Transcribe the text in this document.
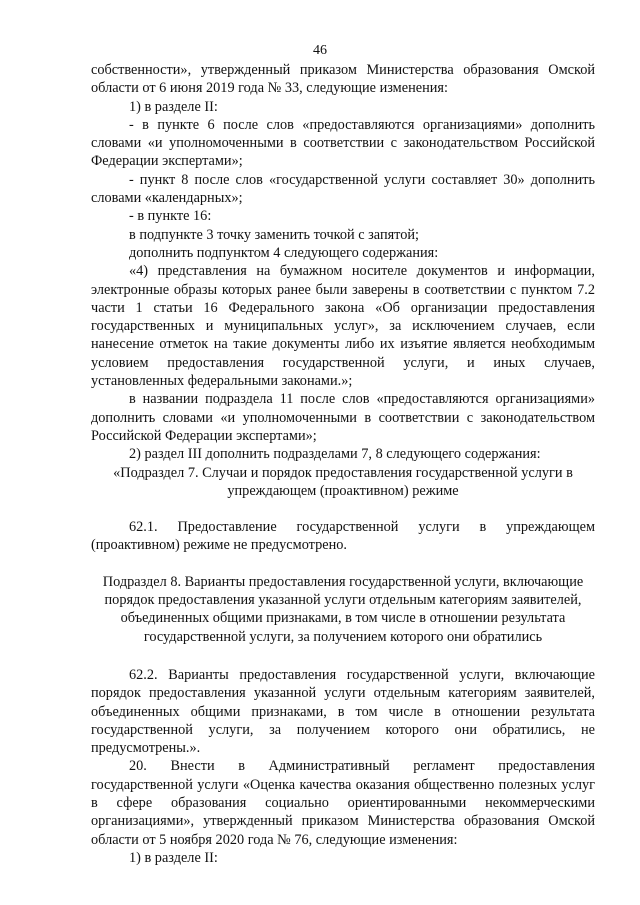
46

собственности», утвержденный приказом Министерства образования Омской области от 6 июня 2019 года № 33, следующие изменения:

1) в разделе II:

- в пункте 6 после слов «предоставляются организациями» дополнить словами «и уполномоченными в соответствии с законодательством Российской Федерации экспертами»;

- пункт 8 после слов «государственной услуги составляет 30» дополнить словами «календарных»;

- в пункте 16:

в подпункте 3 точку заменить точкой с запятой;

дополнить подпунктом 4 следующего содержания:

«4) представления на бумажном носителе документов и информации, электронные образы которых ранее были заверены в соответствии с пунктом 7.2 части 1 статьи 16 Федерального закона «Об организации предоставления государственных и муниципальных услуг», за исключением случаев, если нанесение отметок на такие документы либо их изъятие является необходимым условием предоставления государственной услуги, и иных случаев, установленных федеральными законами.»;

в названии подраздела 11 после слов «предоставляются организациями» дополнить словами «и уполномоченными в соответствии с законодательством Российской Федерации экспертами»;

2) раздел III дополнить подразделами 7, 8 следующего содержания:

«Подраздел 7. Случаи и порядок предоставления государственной услуги в упреждающем (проактивном) режиме

62.1. Предоставление государственной услуги в упреждающем (проактивном) режиме не предусмотрено.

Подраздел 8. Варианты предоставления государственной услуги, включающие порядок предоставления указанной услуги отдельным категориям заявителей, объединенных общими признаками, в том числе в отношении результата государственной услуги, за получением которого они обратились

62.2. Варианты предоставления государственной услуги, включающие порядок предоставления указанной услуги отдельным категориям заявителей, объединенных общими признаками, в том числе в отношении результата государственной услуги, за получением которого они обратились, не предусмотрены.».

20. Внести в Административный регламент предоставления государственной услуги «Оценка качества оказания общественно полезных услуг в сфере образования социально ориентированными некоммерческими организациями», утвержденный приказом Министерства образования Омской области от 5 ноября 2020 года № 76, следующие изменения:

1) в разделе II:
